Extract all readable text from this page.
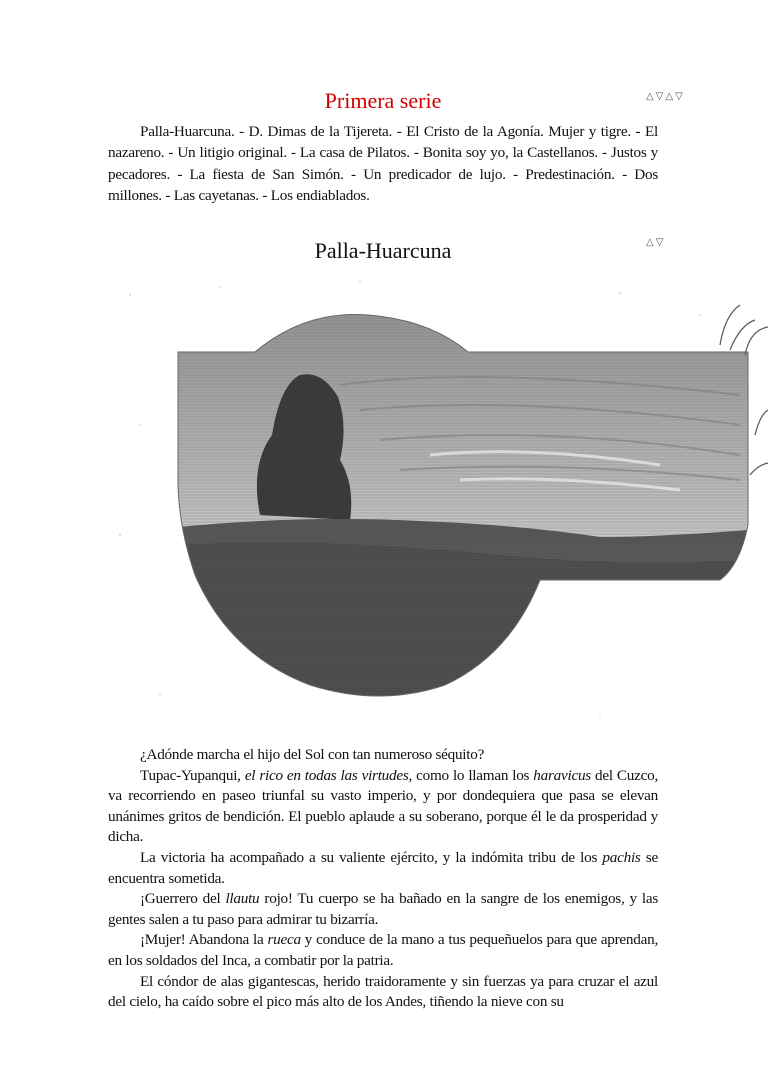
△ ▽ △ ▽
Primera serie

Palla-Huarcuna. - D. Dimas de la Tijereta. - El Cristo de la Agonía. Mujer y tigre. - El nazareno. - Un litigio original. - La casa de Pilatos. - Bonita soy yo, la Castellanos. - Justos y pecadores. - La fiesta de San Simón. - Un predicador de lujo. - Predestinación. - Dos millones. - Las cayetanas. - Los endiablados.

△ ▽
Palla-Huarcuna

¿Adónde marcha el hijo del Sol con tan numeroso séquito?

Tupac-Yupanqui, el rico en todas las virtudes, como lo llaman los haravicus del Cuzco, va recorriendo en paseo triunfal su vasto imperio, y por dondequiera que pasa se elevan unánimes gritos de bendición. El pueblo aplaude a su soberano, porque él le da prosperidad y dicha.

La victoria ha acompañado a su valiente ejército, y la indómita tribu de los pachis se encuentra sometida.

¡Guerrero del llautu rojo! Tu cuerpo se ha bañado en la sangre de los enemigos, y las gentes salen a tu paso para admirar tu bizarría.

¡Mujer! Abandona la rueca y conduce de la mano a tus pequeñuelos para que aprendan, en los soldados del Inca, a combatir por la patria.

El cóndor de alas gigantescas, herido traidoramente y sin fuerzas ya para cruzar el azul del cielo, ha caído sobre el pico más alto de los Andes, tiñendo la nieve con su
